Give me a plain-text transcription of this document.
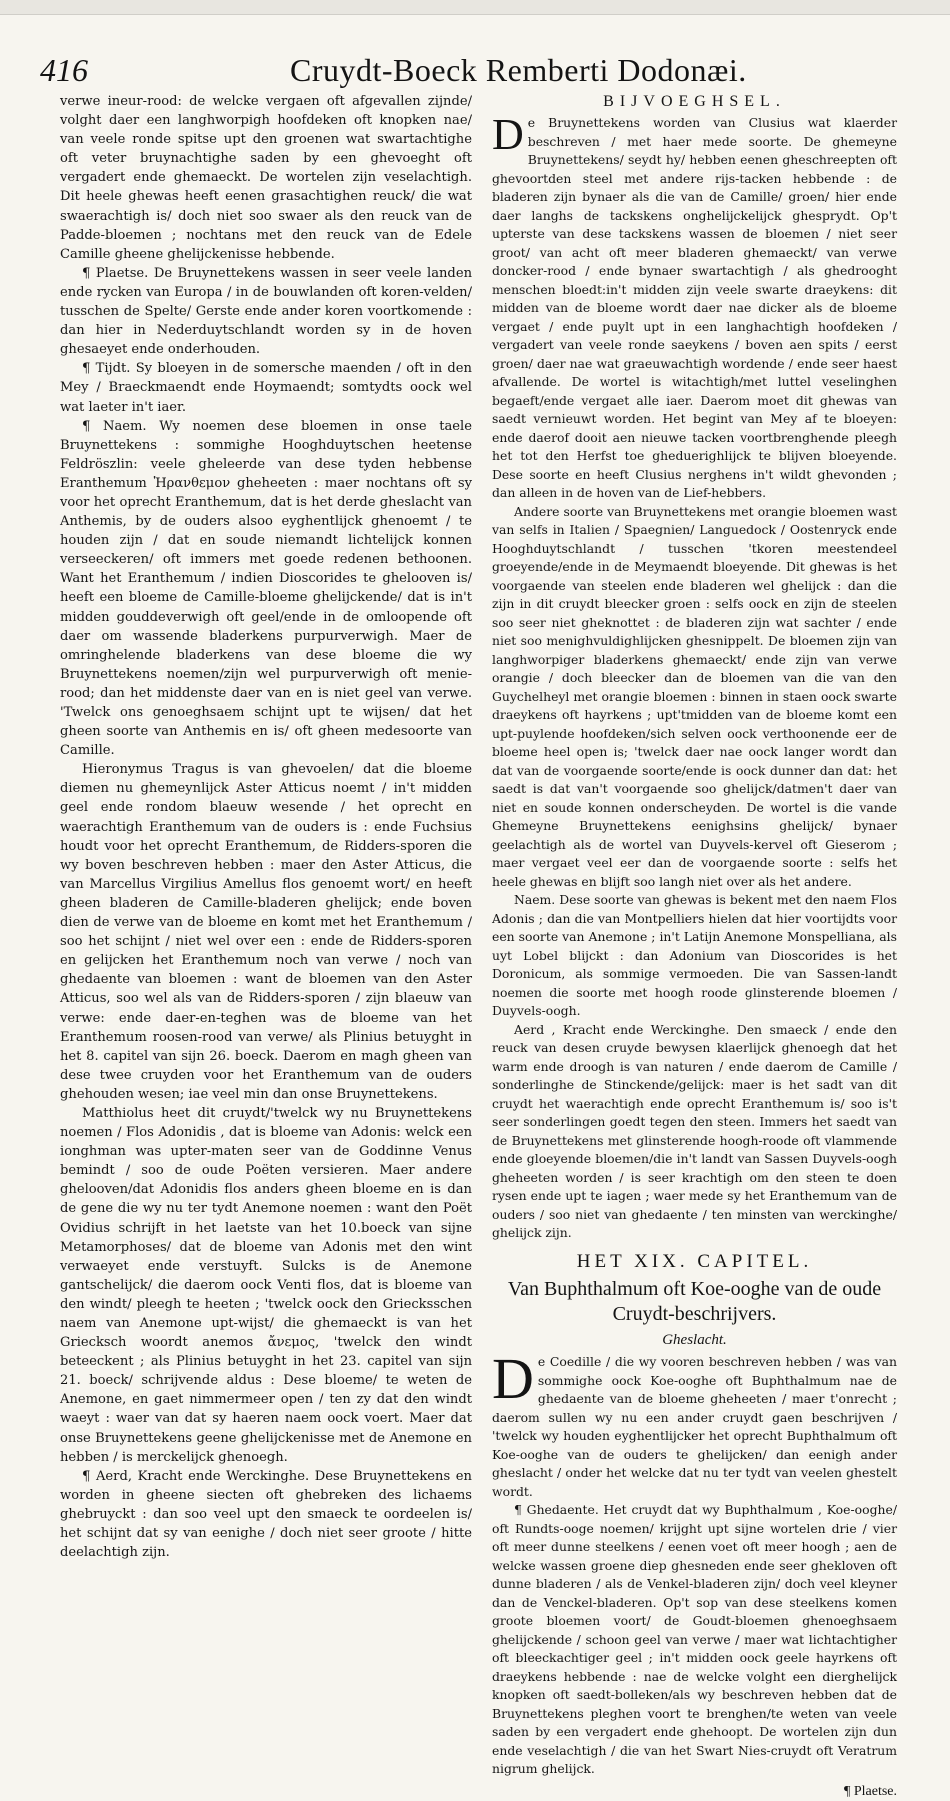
416	Cruydt-Boeck Remberti Dodonæi.

verwe ineur-rood: de welcke vergaen oft afgevallen zijnde/ volght daer een langhworpigh hoofdeken oft knopken nae/ van veele ronde spitse upt den groenen wat swartachtighe oft veter bruynachtighe saden by een ghevoeght oft vergadert ende ghemaeckt. De wortelen zijn veselachtigh. Dit heele ghewas heeft eenen grasachtighen reuck/ die wat swaerachtigh is/ doch niet soo swaer als den reuck van de Padde-bloemen ; nochtans met den reuck van de Edele Camille gheene ghelijckenisse hebbende.

¶ Plaetse. De Bruynettekens wassen in seer veele landen ende rycken van Europa / in de bouwlanden oft koren-velden/ tusschen de Spelte/ Gerste ende ander koren voortkomende : dan hier in Nederduytschlandt worden sy in de hoven ghesaeyet ende onderhouden.

¶ Tijdt. Sy bloeyen in de somersche maenden / oft in den Mey / Braeckmaendt ende Hoymaendt; somtydts oock wel wat laeter in't iaer.

¶ Naem. Wy noemen dese bloemen in onse taele Bruynettekens : sommighe Hooghduytschen heetense Feldröszlin: veele gheleerde van dese tyden hebbense Eranthemum Ἠρανθεμον gheheeten : maer nochtans oft sy voor het oprecht Eranthemum, dat is het derde gheslacht van Anthemis, by de ouders alsoo eyghentlijck ghenoemt / te houden zijn / dat en soude niemandt lichtelijck konnen verseeckeren/ oft immers met goede redenen bethoonen. Want het Eranthemum / indien Dioscorides te ghelooven is/ heeft een bloeme de Camille-bloeme ghelijckende/ dat is in't midden gouddeverwigh oft geel/ende in de omloopende oft daer om wassende bladerkens purpurverwigh. Maer de omringhelende bladerkens van dese bloeme die wy Bruynettekens noemen/zijn wel purpurverwigh oft menie-rood; dan het middenste daer van en is niet geel van verwe. 'Twelck ons genoeghsaem schijnt upt te wijsen/ dat het gheen soorte van Anthemis en is/ oft gheen medesoorte van Camille.

Hieronymus Tragus is van ghevoelen/ dat die bloeme diemen nu ghemeynlijck Aster Atticus noemt / in't midden geel ende rondom blaeuw wesende / het oprecht en waerachtigh Eranthemum van de ouders is : ende Fuchsius houdt voor het oprecht Eranthemum, de Ridders-sporen die wy boven beschreven hebben : maer den Aster Atticus, die van Marcellus Virgilius Amellus flos genoemt wort/ en heeft gheen bladeren de Camille-bladeren ghelijck; ende boven dien de verwe van de bloeme en komt met het Eranthemum / soo het schijnt / niet wel over een : ende de Ridders-sporen en gelijcken het Eranthemum noch van verwe / noch van ghedaente van bloemen : want de bloemen van den Aster Atticus, soo wel als van de Ridders-sporen / zijn blaeuw van verwe: ende daer-en-teghen was de bloeme van het Eranthemum roosen-rood van verwe/ als Plinius betuyght in het 8. capitel van sijn 26. boeck. Daerom en magh gheen van dese twee cruyden voor het Eranthemum van de ouders ghehouden wesen; iae veel min dan onse Bruynettekens.

Matthiolus heet dit cruydt/'twelck wy nu Bruynettekens noemen / Flos Adonidis , dat is bloeme van Adonis: welck een ionghman was upter-maten seer van de Goddinne Venus bemindt / soo de oude Poëten versieren. Maer andere ghelooven/dat Adonidis flos anders gheen bloeme en is dan de gene die wy nu ter tydt Anemone noemen : want den Poët Ovidius schrijft in het laetste van het 10.boeck van sijne Metamorphoses/ dat de bloeme van Adonis met den wint verwaeyet ende verstuyft. Sulcks is de Anemone gantschelijck/ die daerom oock Venti flos, dat is bloeme van den windt/ pleegh te heeten ; 'twelck oock den Griecksschen naem van Anemone upt-wijst/ die ghemaeckt is van het Griecksch woordt anemos ἄνεμος, 'twelck den windt beteeckent ; als Plinius betuyght in het 23. capitel van sijn 21. boeck/ schrijvende aldus : Dese bloeme/ te weten de Anemone, en gaet nimmermeer open / ten zy dat den windt waeyt : waer van dat sy haeren naem oock voert. Maer dat onse Bruynettekens geene ghelijckenisse met de Anemone en hebben / is merckelijck ghenoegh.

¶ Aerd, Kracht ende Werckinghe. Dese Bruynettekens en worden in gheene siecten oft ghebreken des lichaems ghebruyckt : dan soo veel upt den smaeck te oordeelen is/ het schijnt dat sy van eenighe / doch niet seer groote / hitte deelachtigh zijn.

BIJVOEGHSEL.

De Bruynettekens worden van Clusius wat klaerder beschreven / met haer mede soorte. De ghemeyne Bruynettekens/ seydt hy/ hebben eenen gheschreepten oft ghevoortden steel met andere rijs-tacken hebbende : de bladeren zijn bynaer als die van de Camille/ groen/ hier ende daer langhs de tackskens onghelijckelijck ghesprydt. Op't upterste van dese tackskens wassen de bloemen / niet seer groot/ van acht oft meer bladeren ghemaeckt/ van verwe doncker-rood / ende bynaer swartachtigh / als ghedrooght menschen bloedt:in't midden zijn veele swarte draeykens: dit midden van de bloeme wordt daer nae dicker als de bloeme vergaet / ende puylt upt in een langhachtigh hoofdeken / vergadert van veele ronde saeykens / boven aen spits / eerst groen/ daer nae wat graeuwachtigh wordende / ende seer haest afvallende. De wortel is witachtigh/met luttel veselinghen begaeft/ende vergaet alle iaer. Daerom moet dit ghewas van saedt vernieuwt worden. Het begint van Mey af te bloeyen: ende daerof dooit aen nieuwe tacken voortbrenghende pleegh het tot den Herfst toe gheduerighlijck te blijven bloeyende. Dese soorte en heeft Clusius nerghens in't wildt ghevonden ; dan alleen in de hoven van de Lief-hebbers.

Andere soorte van Bruynettekens met orangie bloemen wast van selfs in Italien / Spaegnien/ Languedock / Oostenryck ende Hooghduytschlandt / tusschen 'tkoren meestendeel groeyende/ende in de Meymaendt bloeyende. Dit ghewas is het voorgaende van steelen ende bladeren wel ghelijck : dan die zijn in dit cruydt bleecker groen : selfs oock en zijn de steelen soo seer niet gheknottet : de bladeren zijn wat sachter / ende niet soo menighvuldighlijcken ghesnippelt. De bloemen zijn van langhworpiger bladerkens ghemaeckt/ ende zijn van verwe orangie / doch bleecker dan de bloemen van die van den Guychelheyl met orangie bloemen : binnen in staen oock swarte draeykens oft hayrkens ; upt'tmidden van de bloeme komt een upt-puylende hoofdeken/sich selven oock verthoonende eer de bloeme heel open is; 'twelck daer nae oock langer wordt dan dat van de voorgaende soorte/ende is oock dunner dan dat: het saedt is dat van't voorgaende soo ghelijck/datmen't daer van niet en soude konnen onderscheyden. De wortel is die vande Ghemeyne Bruynettekens eenighsins ghelijck/ bynaer geelachtigh als de wortel van Duyvels-kervel oft Gieserom ; maer vergaet veel eer dan de voorgaende soorte : selfs het heele ghewas en blijft soo langh niet over als het andere.

Naem. Dese soorte van ghewas is bekent met den naem Flos Adonis ; dan die van Montpelliers hielen dat hier voortijdts voor een soorte van Anemone ; in't Latijn Anemone Monspelliana, als uyt Lobel blijckt : dan Adonium van Dioscorides is het Doronicum, als sommige vermoeden. Die van Sassen-landt noemen die soorte met hoogh roode glinsterende bloemen / Duyvels-oogh.

Aerd , Kracht ende Werckinghe. Den smaeck / ende den reuck van desen cruyde bewysen klaerlijck ghenoegh dat het warm ende droogh is van naturen / ende daerom de Camille / sonderlinghe de Stinckende/gelijck: maer is het sadt van dit cruydt het waerachtigh ende oprecht Eranthemum is/ soo is't seer sonderlingen goedt tegen den steen. Immers het saedt van de Bruynettekens met glinsterende hoogh-roode oft vlammende ende gloeyende bloemen/die in't landt van Sassen Duyvels-oogh gheheeten worden / is seer krachtigh om den steen te doen rysen ende upt te iagen ; waer mede sy het Eranthemum van de ouders / soo niet van ghedaente / ten minsten van werckinghe/ ghelijck zijn.

HET XIX. CAPITEL.
Van Buphthalmum oft Koe-ooghe van de oude Cruydt-beschrijvers.
Gheslacht.

De Coedille / die wy vooren beschreven hebben / was van sommighe oock Koe-ooghe oft Buphthalmum nae de ghedaente van de bloeme gheheeten / maer t'onrecht ; daerom sullen wy nu een ander cruydt gaen beschrijven / 'twelck wy houden eyghentlijcker het oprecht Buphthalmum oft Koe-ooghe van de ouders te ghelijcken/ dan eenigh ander gheslacht / onder het welcke dat nu ter tydt van veelen ghestelt wordt.

¶ Ghedaente. Het cruydt dat wy Buphthalmum , Koe-ooghe/ oft Rundts-ooge noemen/ krijght upt sijne wortelen drie / vier oft meer dunne steelkens / eenen voet oft meer hoogh ; aen de welcke wassen groene diep ghesneden ende seer ghekloven oft dunne bladeren / als de Venkel-bladeren zijn/ doch veel kleyner dan de Venckel-bladeren. Op't sop van dese steelkens komen groote bloemen voort/ de Goudt-bloemen ghenoeghsaem ghelijckende / schoon geel van verwe / maer wat lichtachtigher oft bleeckachtiger geel ; in't midden oock geele hayrkens oft draeykens hebbende : nae de welcke volght een dierghelijck knopken oft saedt-bolleken/als wy beschreven hebben dat de Bruynettekens pleghen voort te brenghen/te weten van veele saden by een vergadert ende ghehoopt. De wortelen zijn dun ende veselachtigh / die van het Swart Nies-cruydt oft Veratrum nigrum ghelijck.

¶ Plaetse.
